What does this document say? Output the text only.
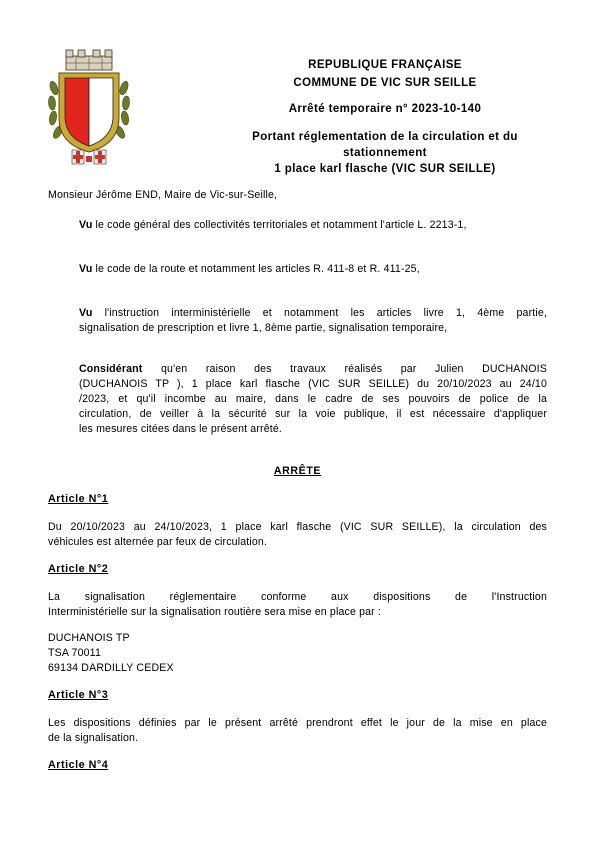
REPUBLIQUE FRANÇAISE
COMMUNE DE VIC SUR SEILLE
Arrêté temporaire n° 2023-10-140
Portant réglementation de la circulation et du
stationnement
1 place karl flasche (VIC SUR SEILLE)
Monsieur Jérôme END, Maire de Vic-sur-Seille,
Vu le code général des collectivités territoriales et notamment l'article L. 2213-1,
Vu le code de la route et notamment les articles R. 411-8 et R. 411-25,
Vu l'instruction interministérielle et notamment les articles livre 1, 4ème partie,
signalisation de prescription et livre 1, 8ème partie, signalisation temporaire,
Considérant qu'en raison des travaux réalisés par Julien DUCHANOIS
(DUCHANOIS TP ), 1 place karl flasche (VIC SUR SEILLE) du 20/10/2023 au 24/10
/2023, et qu'il incombe au maire, dans le cadre de ses pouvoirs de police de la
circulation, de veiller à la sécurité sur la voie publique, il est nécessaire d'appliquer
les mesures citées dans le présent arrêté.
ARRÊTE
Article N°1
Du 20/10/2023 au 24/10/2023, 1 place karl flasche (VIC SUR SEILLE), la circulation des
véhicules est alternée par feux de circulation.
Article N°2
La signalisation réglementaire conforme aux dispositions de l'Instruction
Interministérielle sur la signalisation routière sera mise en place par :
DUCHANOIS TP
TSA 70011
69134 DARDILLY CEDEX
Article N°3
Les dispositions définies par le présent arrêté prendront effet le jour de la mise en place
de la signalisation.
Article N°4
